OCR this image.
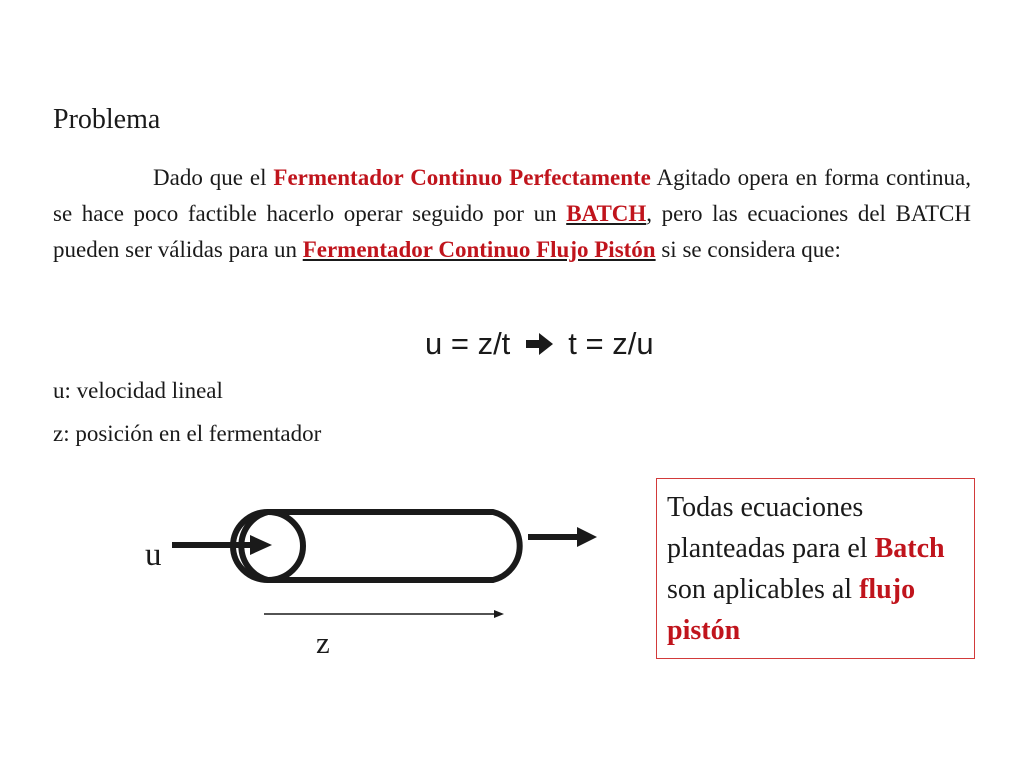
Problema
Dado que el Fermentador Continuo Perfectamente Agitado opera en forma continua, se hace poco factible hacerlo operar seguido por un BATCH, pero las ecuaciones del BATCH pueden ser válidas para un Fermentador Continuo Flujo Pistón si se considera que:
u = z/t t = z/u
u: velocidad lineal
z: posición en el fermentador
u
z
Todas ecuaciones planteadas para el Batch son aplicables al flujo pistón
